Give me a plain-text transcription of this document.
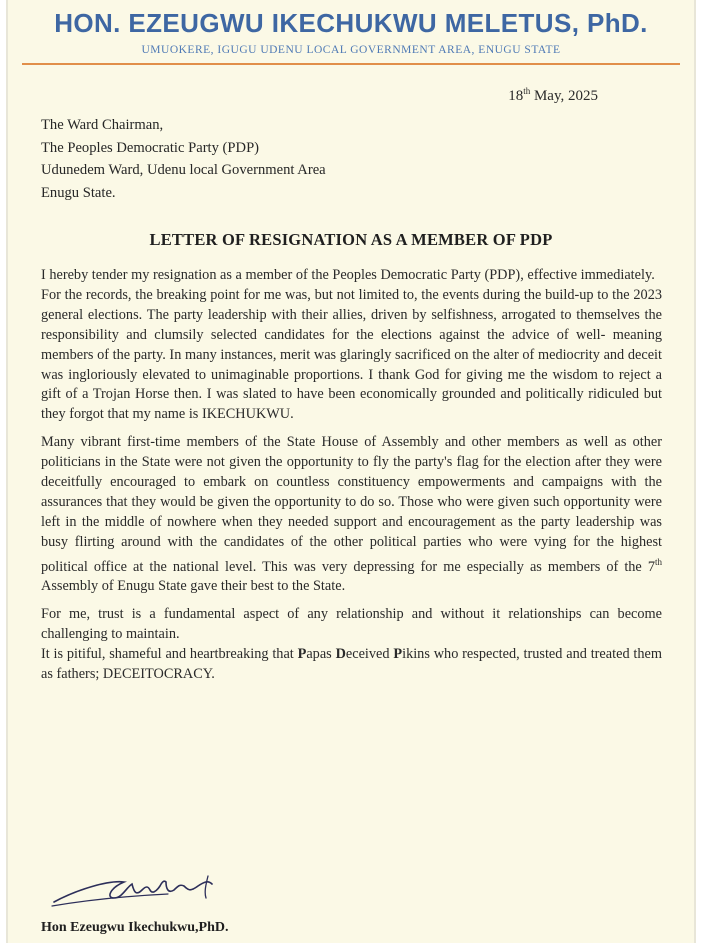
HON. EZEUGWU IKECHUKWU MELETUS, PhD.
UMUOKERE, IGUGU UDENU LOCAL GOVERNMENT AREA, ENUGU STATE
18th May, 2025
The Ward Chairman,
The Peoples Democratic Party (PDP)
Udunedem Ward, Udenu local Government Area
Enugu State.
LETTER OF RESIGNATION AS A MEMBER OF PDP

I hereby tender my resignation as a member of the Peoples Democratic Party (PDP), effective immediately.

For the records, the breaking point for me was, but not limited to, the events during the build-up to the 2023 general elections. The party leadership with their allies, driven by selfishness, arrogated to themselves the responsibility and clumsily selected candidates for the elections against the advice of well- meaning members of the party. In many instances, merit was glaringly sacrificed on the alter of mediocrity and deceit was ingloriously elevated to unimaginable proportions. I thank God for giving me the wisdom to reject a gift of a Trojan Horse then. I was slated to have been economically grounded and politically ridiculed but they forgot that my name is IKECHUKWU.

Many vibrant first-time members of the State House of Assembly and other members as well as other politicians in the State were not given the opportunity to fly the party's flag for the election after they were deceitfully encouraged to embark on countless constituency empowerments and campaigns with the assurances that they would be given the opportunity to do so. Those who were given such opportunity were left in the middle of nowhere when they needed support and encouragement as the party leadership was busy flirting around with the candidates of the other political parties who were vying for the highest political office at the national level. This was very depressing for me especially as members of the 7th Assembly of Enugu State gave their best to the State.

For me, trust is a fundamental aspect of any relationship and without it relationships can become challenging to maintain.

It is pitiful, shameful and heartbreaking that Papas Deceived Pikins who respected, trusted and treated them as fathers; DECEITOCRACY.

Hon Ezeugwu Ikechukwu,PhD.
